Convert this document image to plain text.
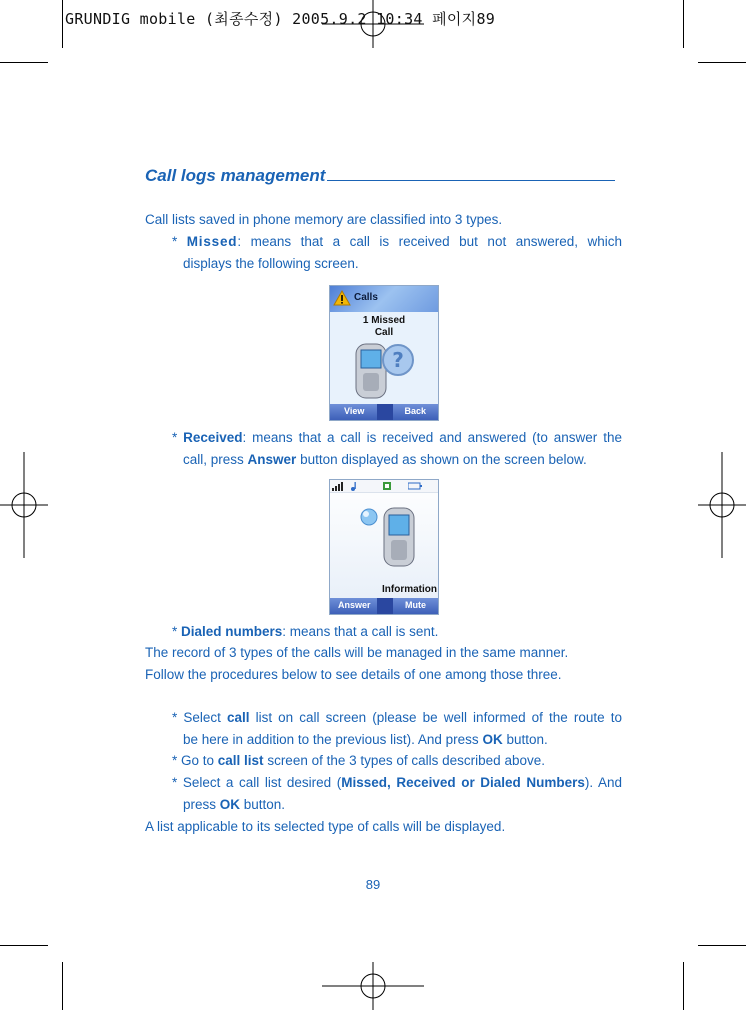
GRUNDIG mobile (최종수정) 2005.9.2 10:34 페이지89
Call logs management
Call lists saved in phone memory are classified into 3 types.
* Missed: means that a call is received but not answered, which
displays the following screen.
Calls
1 Missed
Call
?
View	Back
* Received: means that a call is received and answered (to answer the
call, press Answer button displayed as shown on the screen below.
Information
Answer	Mute
* Dialed numbers: means that a call is sent.
The record of 3 types of the calls will be managed in the same manner.
Follow the procedures below to see details of one among those three.
* Select call list on call screen (please be well informed of the route to
be here in addition to the previous list). And press OK button.
* Go to call list screen of the 3 types of calls described above.
* Select a call list desired (Missed, Received or Dialed Numbers). And
press OK button.
A list applicable to its selected type of calls will be displayed.
89
